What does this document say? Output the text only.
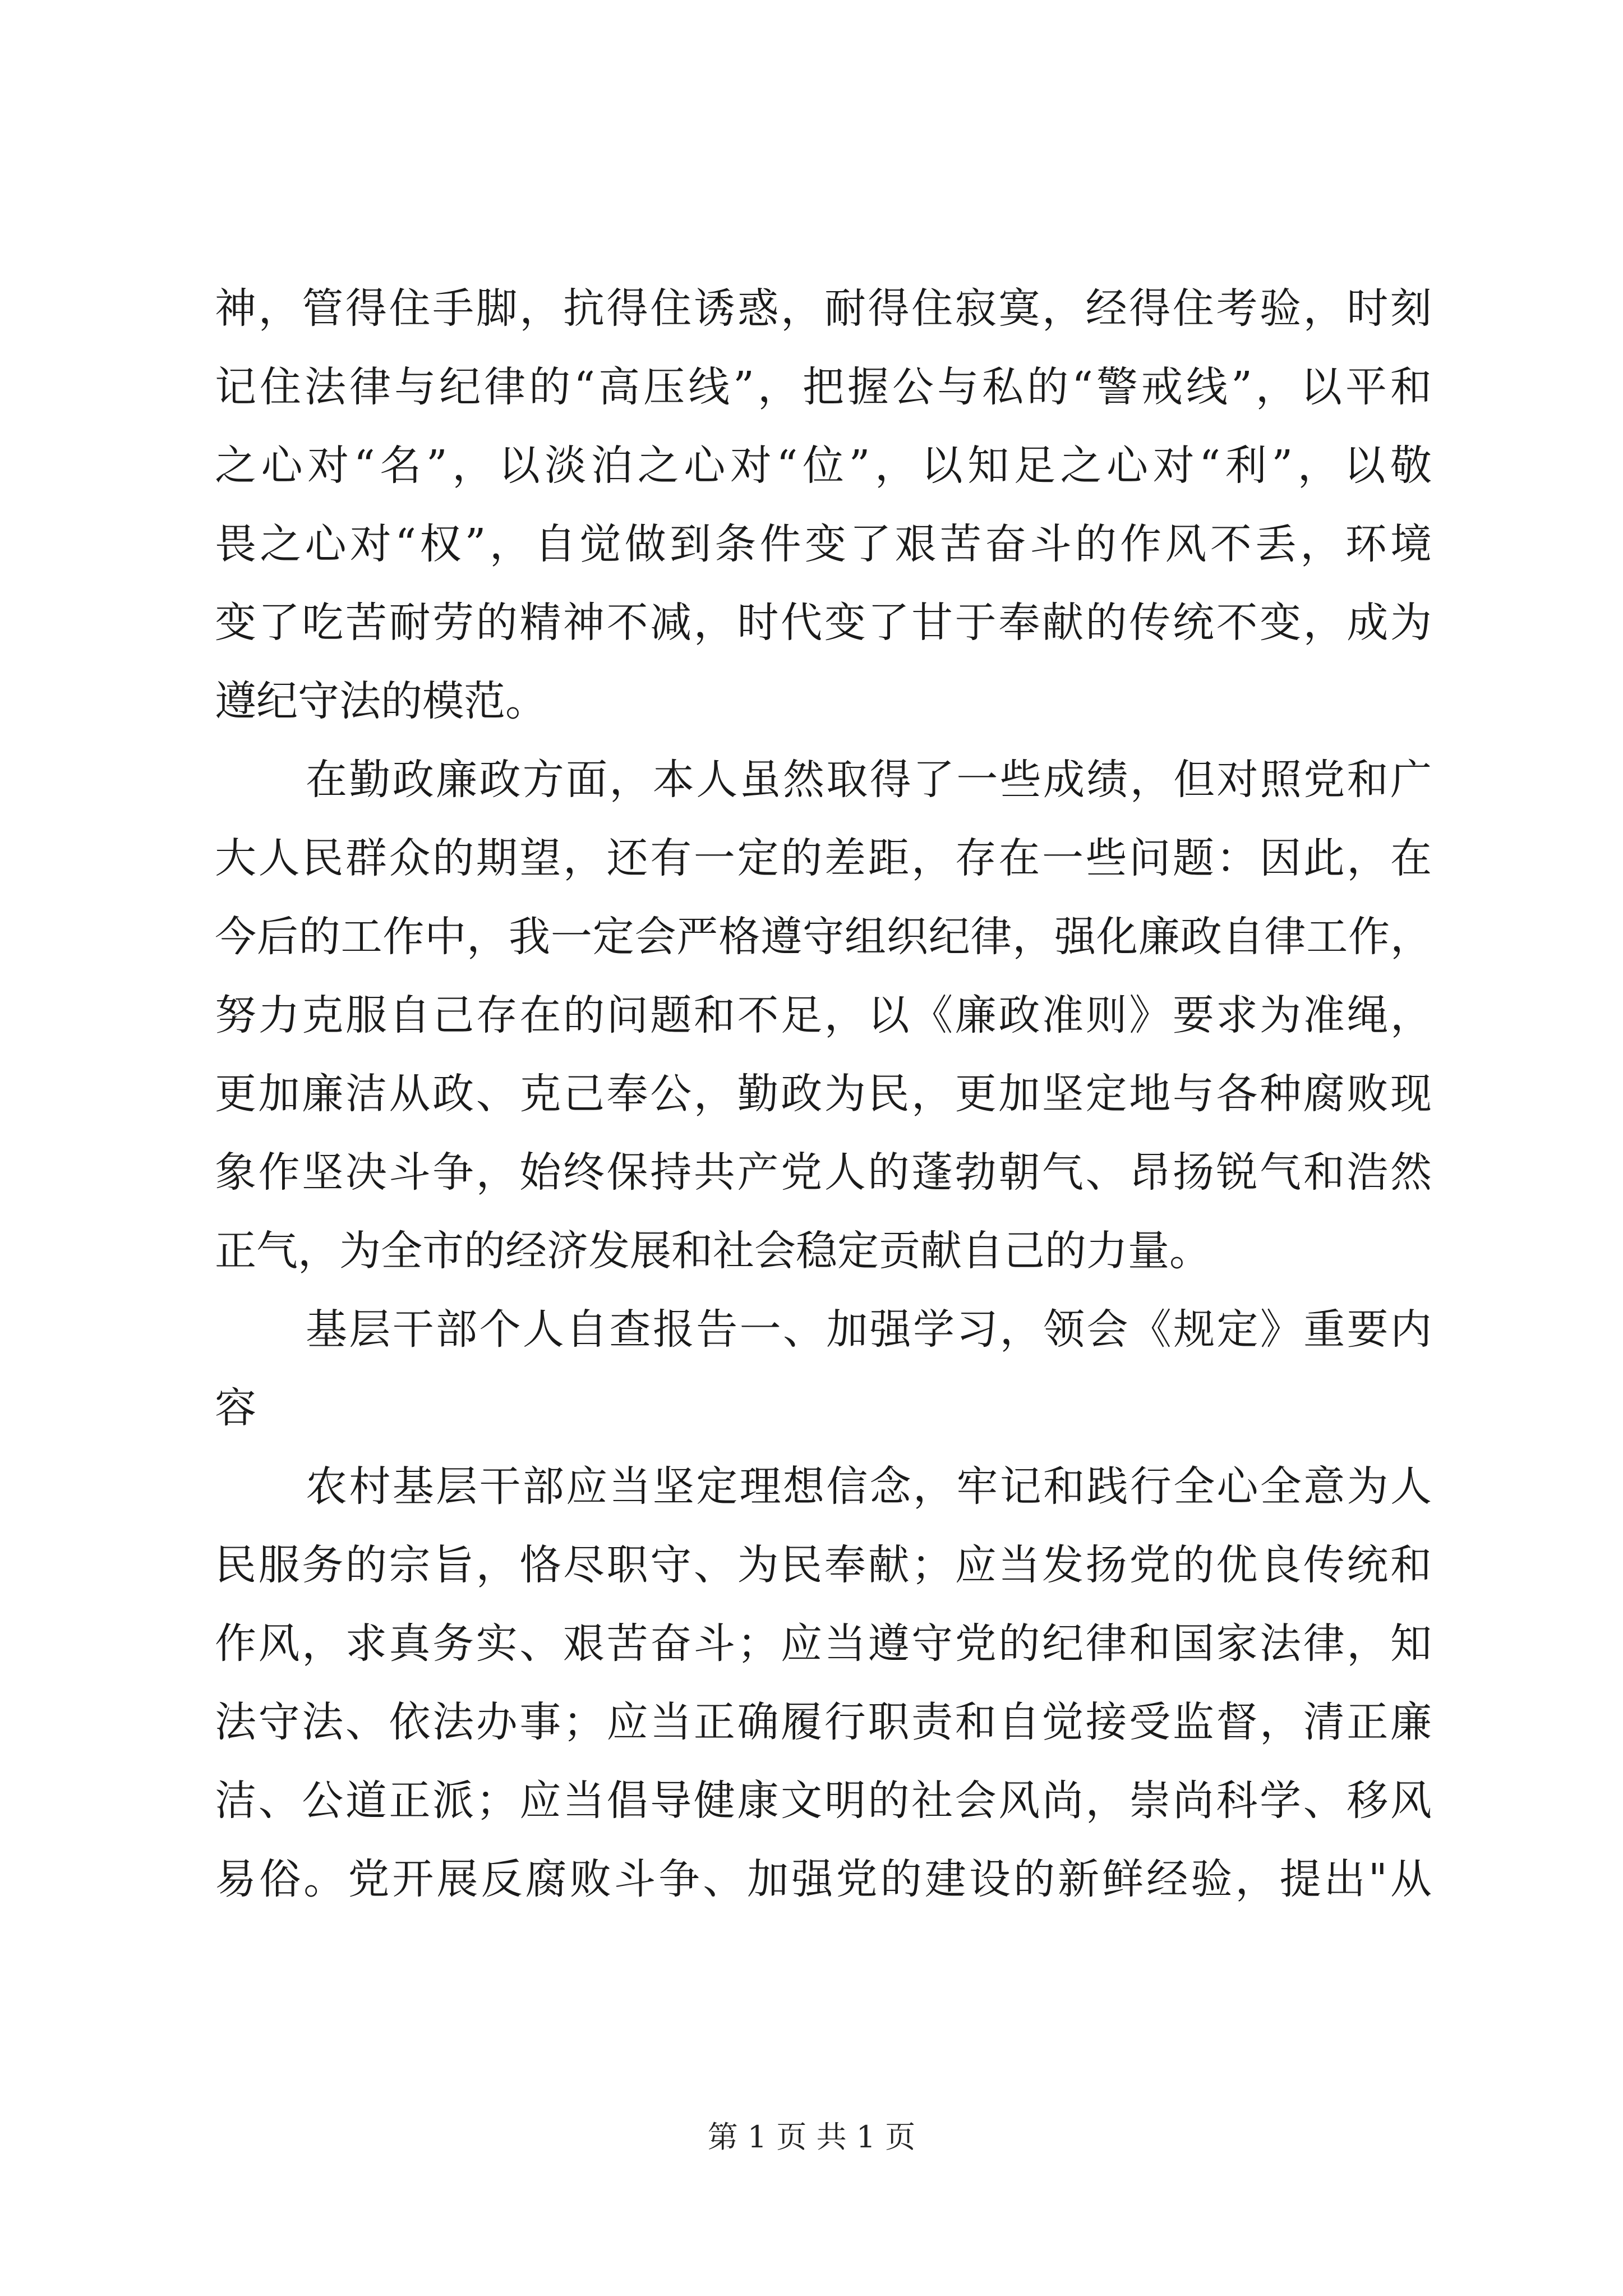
神，管得住手脚，抗得住诱惑，耐得住寂寞，经得住考验，时刻
记住法律与纪律的“高压线”，把握公与私的“警戒线”，以平和
之心对“名”，以淡泊之心对“位”，以知足之心对“利”，以敬
畏之心对“权”，自觉做到条件变了艰苦奋斗的作风不丢，环境
变了吃苦耐劳的精神不减，时代变了甘于奉献的传统不变，成为
遵纪守法的模范。
在勤政廉政方面，本人虽然取得了一些成绩，但对照党和广
大人民群众的期望，还有一定的差距，存在一些问题：因此，在
今后的工作中，我一定会严格遵守组织纪律，强化廉政自律工作，
努力克服自己存在的问题和不足，以《廉政准则》要求为准绳，
更加廉洁从政、克己奉公，勤政为民，更加坚定地与各种腐败现
象作坚决斗争，始终保持共产党人的蓬勃朝气、昂扬锐气和浩然
正气，为全市的经济发展和社会稳定贡献自己的力量。
基层干部个人自查报告一、加强学习，领会《规定》重要内
容
农村基层干部应当坚定理想信念，牢记和践行全心全意为人
民服务的宗旨，恪尽职守、为民奉献；应当发扬党的优良传统和
作风，求真务实、艰苦奋斗；应当遵守党的纪律和国家法律，知
法守法、依法办事；应当正确履行职责和自觉接受监督，清正廉
洁、公道正派；应当倡导健康文明的社会风尚，崇尚科学、移风
易俗。党开展反腐败斗争、加强党的建设的新鲜经验，提出"从
第 1 页 共 1 页
